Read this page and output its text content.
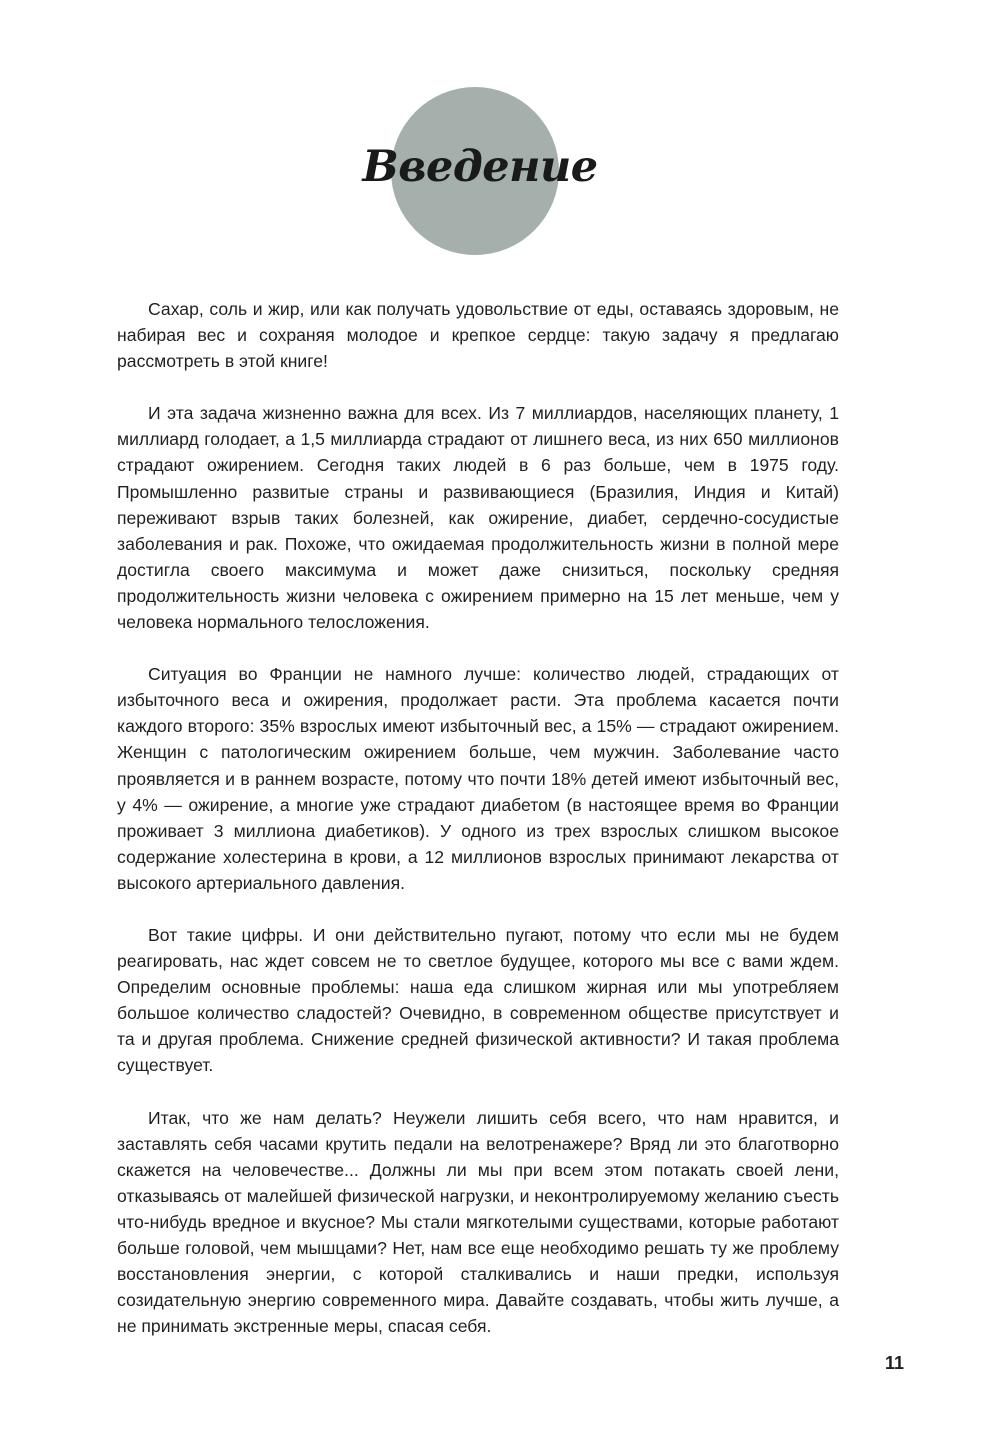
Введение

Сахар, соль и жир, или как получать удовольствие от еды, оставаясь здоровым, не набирая вес и сохраняя молодое и крепкое сердце: такую задачу я предлагаю рассмотреть в этой книге!

И эта задача жизненно важна для всех. Из 7 миллиардов, населяющих планету, 1 миллиард голодает, а 1,5 миллиарда страдают от лишнего веса, из них 650 миллионов страдают ожирением. Сегодня таких людей в 6 раз больше, чем в 1975 году. Промышленно развитые страны и развивающиеся (Бразилия, Индия и Китай) переживают взрыв таких болезней, как ожирение, диабет, сердечно-сосудистые заболевания и рак. Похоже, что ожидаемая продолжительность жизни в полной мере достигла своего максимума и может даже снизиться, поскольку средняя продолжительность жизни человека с ожирением примерно на 15 лет меньше, чем у человека нормального телосложения.

Ситуация во Франции не намного лучше: количество людей, страдающих от избыточного веса и ожирения, продолжает расти. Эта проблема касается почти каждого второго: 35% взрослых имеют избыточный вес, а 15% — страдают ожирением. Женщин с патологическим ожирением больше, чем мужчин. Заболевание часто проявляется и в раннем возрасте, потому что почти 18% детей имеют избыточный вес, у 4% — ожирение, а многие уже страдают диабетом (в настоящее время во Франции проживает 3 миллиона диабетиков). У одного из трех взрослых слишком высокое содержание холестерина в крови, а 12 миллионов взрослых принимают лекарства от высокого артериального давления.

Вот такие цифры. И они действительно пугают, потому что если мы не будем реагировать, нас ждет совсем не то светлое будущее, которого мы все с вами ждем. Определим основные проблемы: наша еда слишком жирная или мы употребляем большое количество сладостей? Очевидно, в современном обществе присутствует и та и другая проблема. Снижение средней физической активности? И такая проблема существует.

Итак, что же нам делать? Неужели лишить себя всего, что нам нравится, и заставлять себя часами крутить педали на велотренажере? Вряд ли это благотворно скажется на человечестве... Должны ли мы при всем этом потакать своей лени, отказываясь от малейшей физической нагрузки, и неконтролируемому желанию съесть что-нибудь вредное и вкусное? Мы стали мягкотелыми существами, которые работают больше головой, чем мышцами? Нет, нам все еще необходимо решать ту же проблему восстановления энергии, с которой сталкивались и наши предки, используя созидательную энергию современного мира. Давайте создавать, чтобы жить лучше, а не принимать экстренные меры, спасая себя.

11
